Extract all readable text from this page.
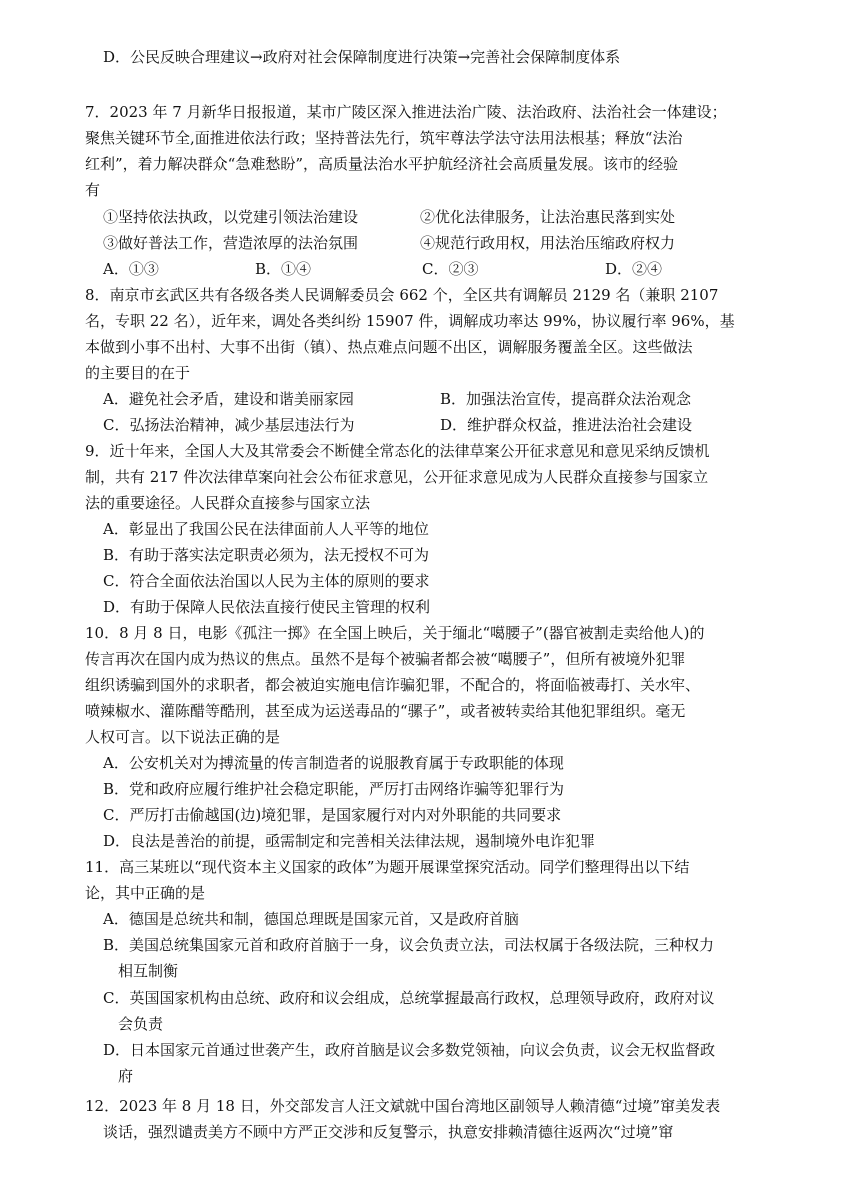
D．公民反映合理建议→政府对社会保障制度进行决策→完善社会保障制度体系
7．2023 年 7 月新华日报报道，某市广陵区深入推进法治广陵、法治政府、法治社会一体建设；
聚焦关键环节全,面推进依法行政；坚持普法先行，筑牢尊法学法守法用法根基；释放“法治
红利”，着力解决群众“急难愁盼”，高质量法治水平护航经济社会高质量发展。该市的经验
有
①坚持依法执政，以党建引领法治建设	②优化法律服务，让法治惠民落到实处
③做好普法工作，营造浓厚的法治氛围	④规范行政用权，用法治压缩政府权力
A．①③	B．①④	C．②③	D．②④
8．南京市玄武区共有各级各类人民调解委员会 662 个，全区共有调解员 2129 名（兼职 2107
名，专职 22 名），近年来，调处各类纠纷 15907 件，调解成功率达 99%，协议履行率 96%，基
本做到小事不出村、大事不出街（镇）、热点难点问题不出区，调解服务覆盖全区。这些做法
的主要目的在于
A．避免社会矛盾，建设和谐美丽家园	B．加强法治宣传，提高群众法治观念
C．弘扬法治精神，减少基层违法行为	D．维护群众权益，推进法治社会建设
9．近十年来，全国人大及其常委会不断健全常态化的法律草案公开征求意见和意见采纳反馈机
制，共有 217 件次法律草案向社会公布征求意见，公开征求意见成为人民群众直接参与国家立
法的重要途径。人民群众直接参与国家立法
A．彰显出了我国公民在法律面前人人平等的地位
B．有助于落实法定职责必须为，法无授权不可为
C．符合全面依法治国以人民为主体的原则的要求
D．有助于保障人民依法直接行使民主管理的权利
10．8 月 8 日，电影《孤注一掷》在全国上映后，关于缅北“噶腰子”(器官被割走卖给他人)的
传言再次在国内成为热议的焦点。虽然不是每个被骗者都会被“噶腰子”，但所有被境外犯罪
组织诱骗到国外的求职者，都会被迫实施电信诈骗犯罪，不配合的，将面临被毒打、关水牢、
喷辣椒水、灌陈醋等酷刑，甚至成为运送毒品的“骡子”，或者被转卖给其他犯罪组织。毫无
人权可言。以下说法正确的是
A．公安机关对为搏流量的传言制造者的说服教育属于专政职能的体现
B．党和政府应履行维护社会稳定职能，严厉打击网络诈骗等犯罪行为
C．严厉打击偷越国(边)境犯罪，是国家履行对内对外职能的共同要求
D．良法是善治的前提，亟需制定和完善相关法律法规，遏制境外电诈犯罪
11．高三某班以“现代资本主义国家的政体”为题开展课堂探究活动。同学们整理得出以下结
论，其中正确的是
A．德国是总统共和制，德国总理既是国家元首，又是政府首脑
B．美国总统集国家元首和政府首脑于一身，议会负责立法，司法权属于各级法院，三种权力
相互制衡
C．英国国家机构由总统、政府和议会组成，总统掌握最高行政权，总理领导政府，政府对议
会负责
D．日本国家元首通过世袭产生，政府首脑是议会多数党领袖，向议会负责，议会无权监督政
府
12．2023 年 8 月 18 日，外交部发言人汪文斌就中国台湾地区副领导人赖清德“过境”窜美发表
谈话，强烈谴责美方不顾中方严正交涉和反复警示，执意安排赖清德往返两次“过境”窜
